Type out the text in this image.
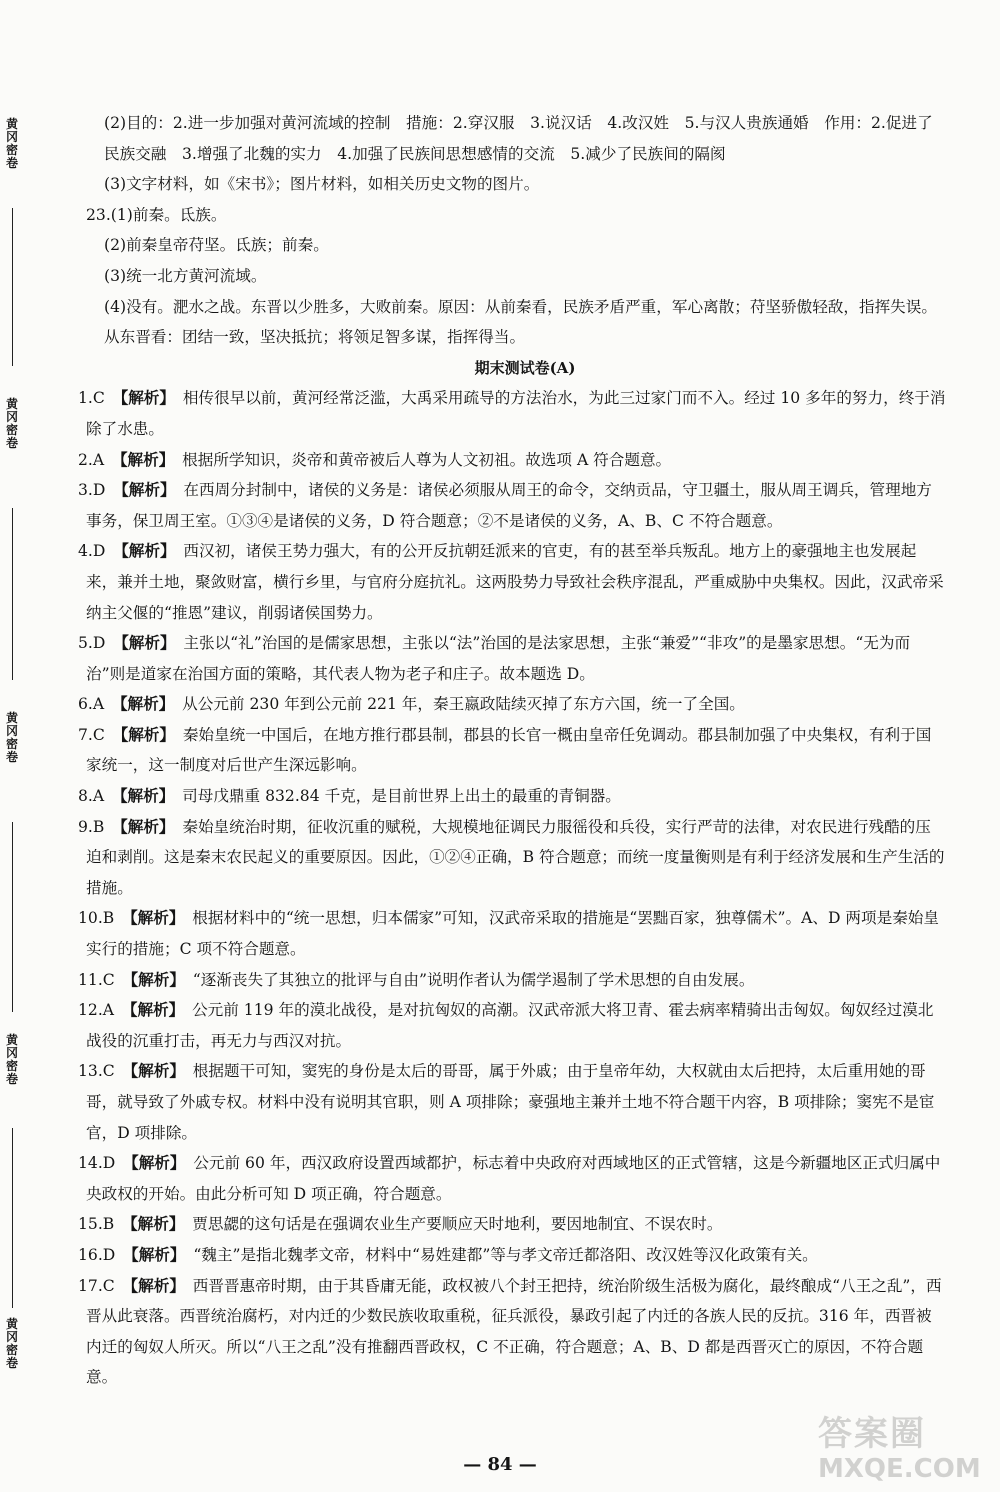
黄冈密卷
黄冈密卷
黄冈密卷
黄冈密卷
黄冈密卷

(2)目的：2.进一步加强对黄河流域的控制　措施：2.穿汉服　3.说汉话　4.改汉姓　5.与汉人贵族通婚　作用：2.促进了民族交融　3.增强了北魏的实力　4.加强了民族间思想感情的交流　5.减少了民族间的隔阂

(3)文字材料，如《宋书》；图片材料，如相关历史文物的图片。

23.(1)前秦。氐族。

(2)前秦皇帝苻坚。氐族；前秦。

(3)统一北方黄河流域。

(4)没有。淝水之战。东晋以少胜多，大败前秦。原因：从前秦看，民族矛盾严重，军心离散；苻坚骄傲轻敌，指挥失误。从东晋看：团结一致，坚决抵抗；将领足智多谋，指挥得当。

期末测试卷(A)

1.C　 【解析】　 相传很早以前，黄河经常泛滥，大禹采用疏导的方法治水，为此三过家门而不入。经过 10 多年的努力，终于消除了水患。

2.A　 【解析】　 根据所学知识，炎帝和黄帝被后人尊为人文初祖。故选项 A 符合题意。

3.D　 【解析】　 在西周分封制中，诸侯的义务是：诸侯必须服从周王的命令，交纳贡品，守卫疆土，服从周王调兵，管理地方事务，保卫周王室。①③④是诸侯的义务，D 符合题意；②不是诸侯的义务，A、B、C 不符合题意。

4.D　 【解析】　 西汉初，诸侯王势力强大，有的公开反抗朝廷派来的官吏，有的甚至举兵叛乱。地方上的豪强地主也发展起来，兼并土地，聚敛财富，横行乡里，与官府分庭抗礼。这两股势力导致社会秩序混乱，严重威胁中央集权。因此，汉武帝采纳主父偃的“推恩”建议，削弱诸侯国势力。

5.D　 【解析】　 主张以“礼”治国的是儒家思想，主张以“法”治国的是法家思想，主张“兼爱”“非攻”的是墨家思想。“无为而治”则是道家在治国方面的策略，其代表人物为老子和庄子。故本题选 D。

6.A　 【解析】　 从公元前 230 年到公元前 221 年，秦王嬴政陆续灭掉了东方六国，统一了全国。

7.C　 【解析】　 秦始皇统一中国后，在地方推行郡县制，郡县的长官一概由皇帝任免调动。郡县制加强了中央集权，有利于国家统一，这一制度对后世产生深远影响。

8.A　 【解析】　 司母戊鼎重 832.84 千克，是目前世界上出土的最重的青铜器。

9.B　 【解析】　 秦始皇统治时期，征收沉重的赋税，大规模地征调民力服徭役和兵役，实行严苛的法律，对农民进行残酷的压迫和剥削。这是秦末农民起义的重要原因。因此，①②④正确，B 符合题意；而统一度量衡则是有利于经济发展和生产生活的措施。

10.B　 【解析】　 根据材料中的“统一思想，归本儒家”可知，汉武帝采取的措施是“罢黜百家，独尊儒术”。A、D 两项是秦始皇实行的措施；C 项不符合题意。

11.C　 【解析】　 “逐渐丧失了其独立的批评与自由”说明作者认为儒学遏制了学术思想的自由发展。

12.A　 【解析】　 公元前 119 年的漠北战役，是对抗匈奴的高潮。汉武帝派大将卫青、霍去病率精骑出击匈奴。匈奴经过漠北战役的沉重打击，再无力与西汉对抗。

13.C　 【解析】　 根据题干可知，窦宪的身份是太后的哥哥，属于外戚；由于皇帝年幼，大权就由太后把持，太后重用她的哥哥，就导致了外戚专权。材料中没有说明其官职，则 A 项排除；豪强地主兼并土地不符合题干内容，B 项排除；窦宪不是宦官，D 项排除。

14.D　 【解析】　 公元前 60 年，西汉政府设置西域都护，标志着中央政府对西域地区的正式管辖，这是今新疆地区正式归属中央政权的开始。由此分析可知 D 项正确，符合题意。

15.B　 【解析】　 贾思勰的这句话是在强调农业生产要顺应天时地利，要因地制宜、不误农时。

16.D　 【解析】　 “魏主”是指北魏孝文帝，材料中“易姓建都”等与孝文帝迁都洛阳、改汉姓等汉化政策有关。

17.C　 【解析】　 西晋晋惠帝时期，由于其昏庸无能，政权被八个封王把持，统治阶级生活极为腐化，最终酿成“八王之乱”，西晋从此衰落。西晋统治腐朽，对内迁的少数民族收取重税，征兵派役，暴政引起了内迁的各族人民的反抗。316 年，西晋被内迁的匈奴人所灭。所以“八王之乱”没有推翻西晋政权，C 不正确，符合题意；A、B、D 都是西晋灭亡的原因，不符合题意。

— 84 —
答案圈
MXQE.COM
